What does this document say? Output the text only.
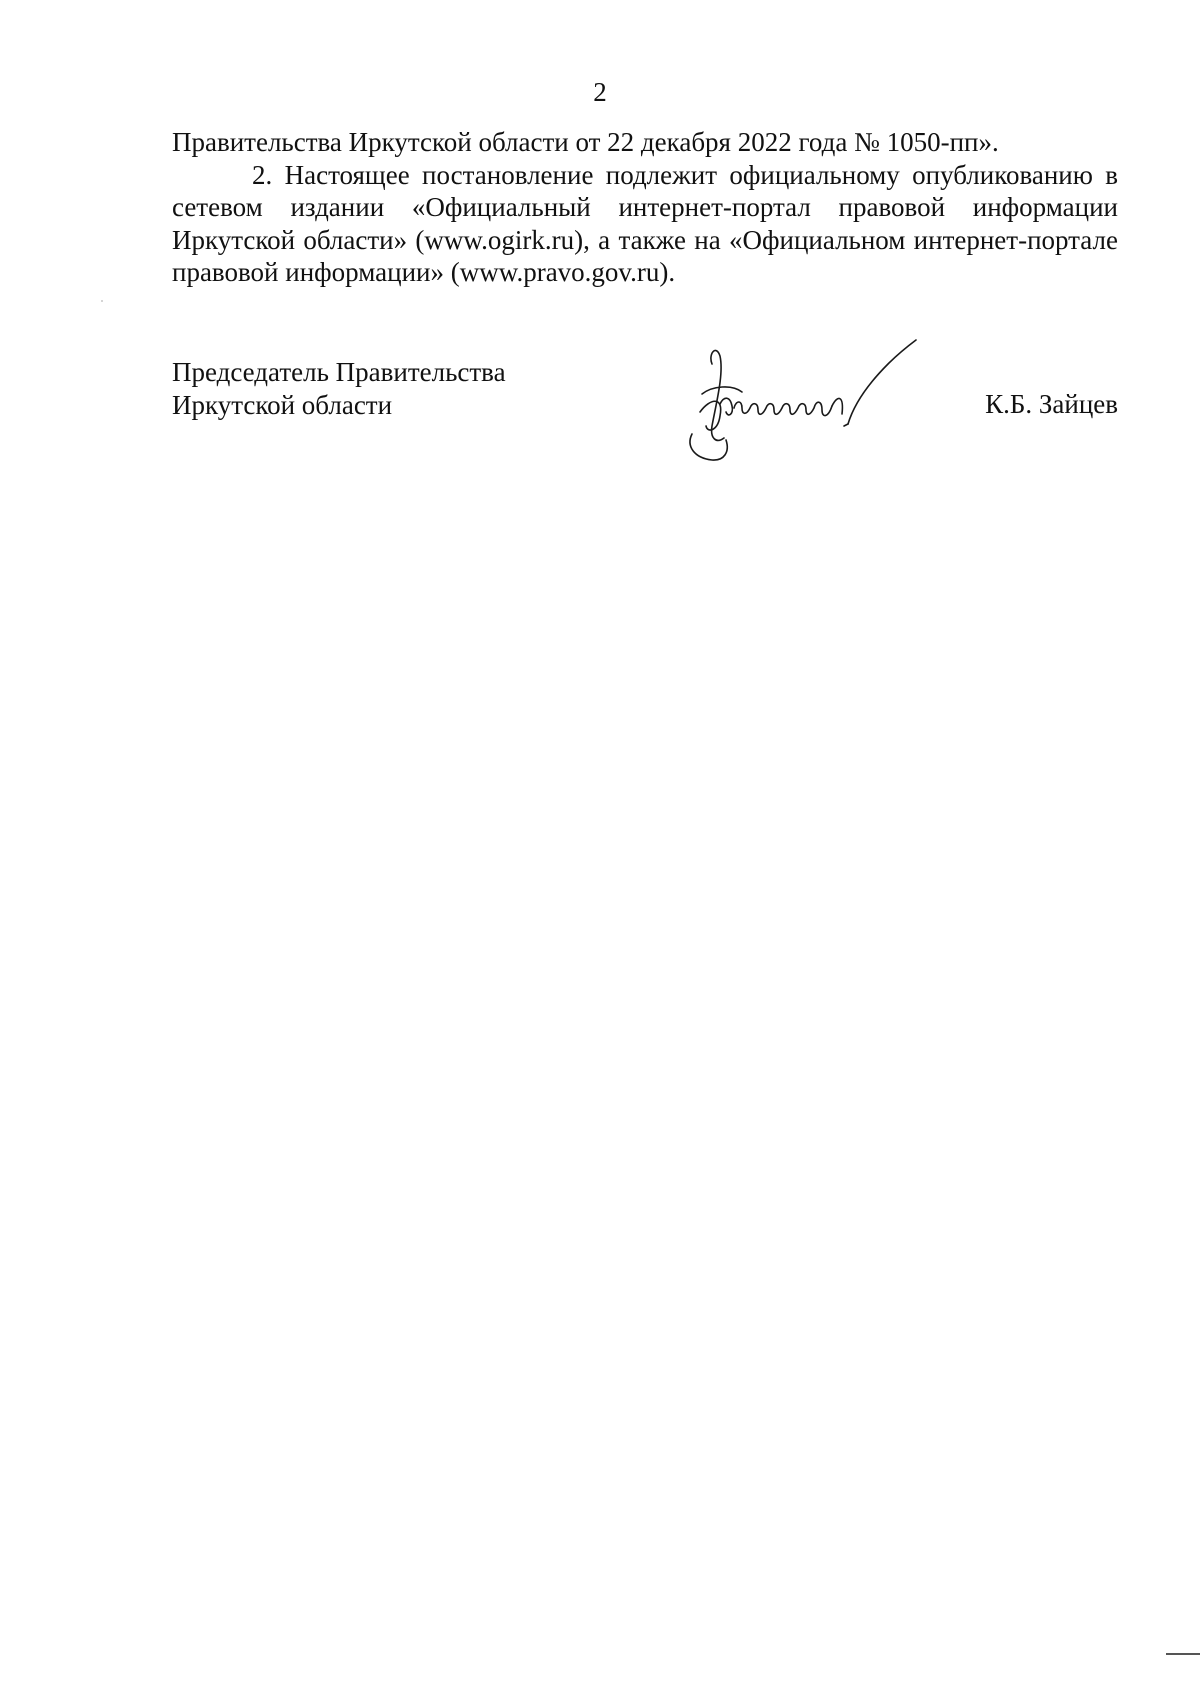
2

Правительства Иркутской области от 22 декабря 2022 года № 1050-пп».

2. Настоящее постановление подлежит официальному опубликованию в сетевом издании «Официальный интернет-портал правовой информации Иркутской области» (www.ogirk.ru), а также на «Официальном интернет-портале правовой информации» (www.pravo.gov.ru).

Председатель Правительства
Иркутской области	К.Б. Зайцев
